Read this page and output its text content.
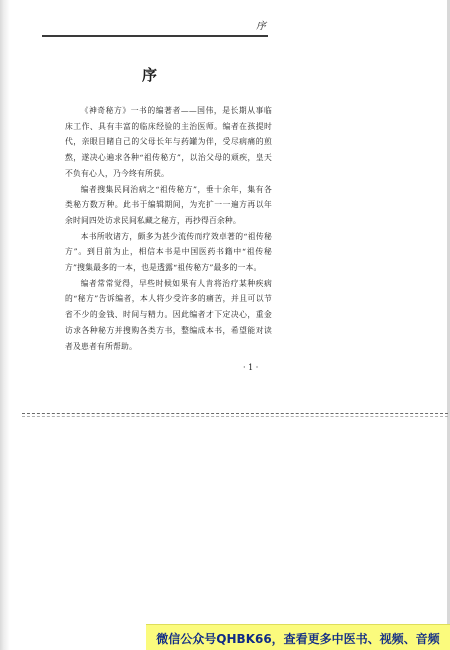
序
序

《神奇秘方》一书的编著者——国伟，是长期从事临床工作、具有丰富的临床经验的主治医师。编者在孩提时代，亲眼目睹自己的父母长年与药罐为伴，受尽病痛的煎熬，遂决心遍求各种“祖传秘方”，以治父母的顽疾，皇天不负有心人，乃今终有所获。

编者搜集民间治病之“祖传秘方”，垂十余年，集有各类秘方数万种。此书于编辑期间，为充扩一一遍方再以年余时间四处访求民间私藏之秘方，再抄得百余种。

本书所收诸方，颇多为甚少流传而疗效卓著的“祖传秘方”。到目前为止，相信本书是中国医药书籍中“祖传秘方”搜集最多的一本，也是透露“祖传秘方”最多的一本。

编者常常觉得，早些时候如果有人肯将治疗某种疾病的“秘方”告诉编者，本人将少受许多的痛苦，并且可以节省不少的金钱、时间与精力。因此编者才下定决心，重金访求各种秘方并搜购各类方书，整编成本书，希望能对读者及患者有所帮助。

· 1 ·
微信公众号QHBK66，查看更多中医书、视频、音频
